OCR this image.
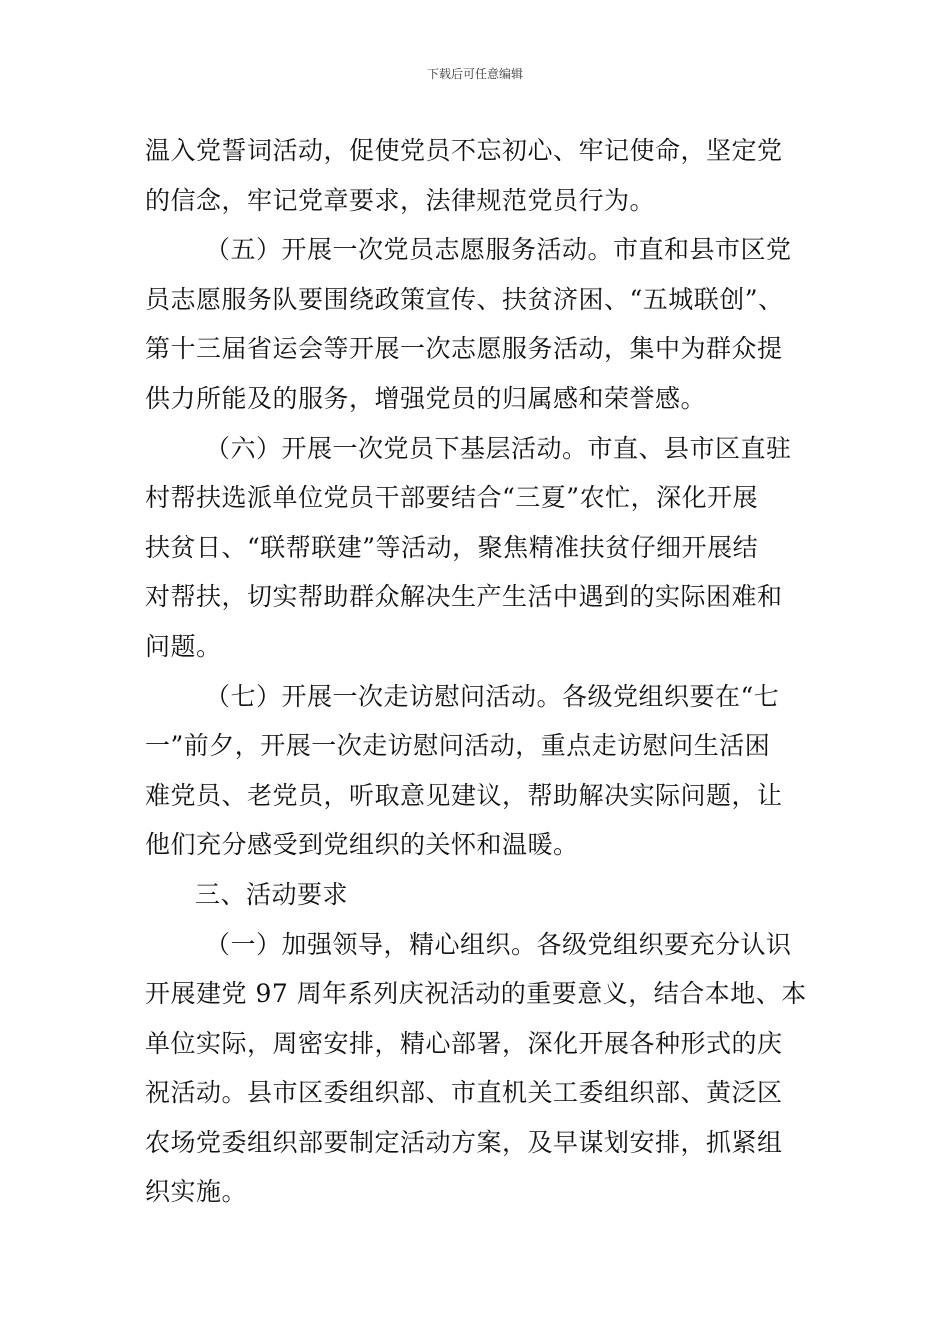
下载后可任意编辑
温入党誓词活动，促使党员不忘初心、牢记使命，坚定党
的信念，牢记党章要求，法律规范党员行为。
（五）开展一次党员志愿服务活动。市直和县市区党
员志愿服务队要围绕政策宣传、扶贫济困、“五城联创”、
第十三届省运会等开展一次志愿服务活动，集中为群众提
供力所能及的服务，增强党员的归属感和荣誉感。
（六）开展一次党员下基层活动。市直、县市区直驻
村帮扶选派单位党员干部要结合“三夏”农忙，深化开展
扶贫日、“联帮联建”等活动，聚焦精准扶贫仔细开展结
对帮扶，切实帮助群众解决生产生活中遇到的实际困难和
问题。
（七）开展一次走访慰问活动。各级党组织要在“七
一”前夕，开展一次走访慰问活动，重点走访慰问生活困
难党员、老党员，听取意见建议，帮助解决实际问题，让
他们充分感受到党组织的关怀和温暖。
三、活动要求
（一）加强领导，精心组织。各级党组织要充分认识
开展建党 97 周年系列庆祝活动的重要意义，结合本地、本
单位实际，周密安排，精心部署，深化开展各种形式的庆
祝活动。县市区委组织部、市直机关工委组织部、黄泛区
农场党委组织部要制定活动方案，及早谋划安排，抓紧组
织实施。
